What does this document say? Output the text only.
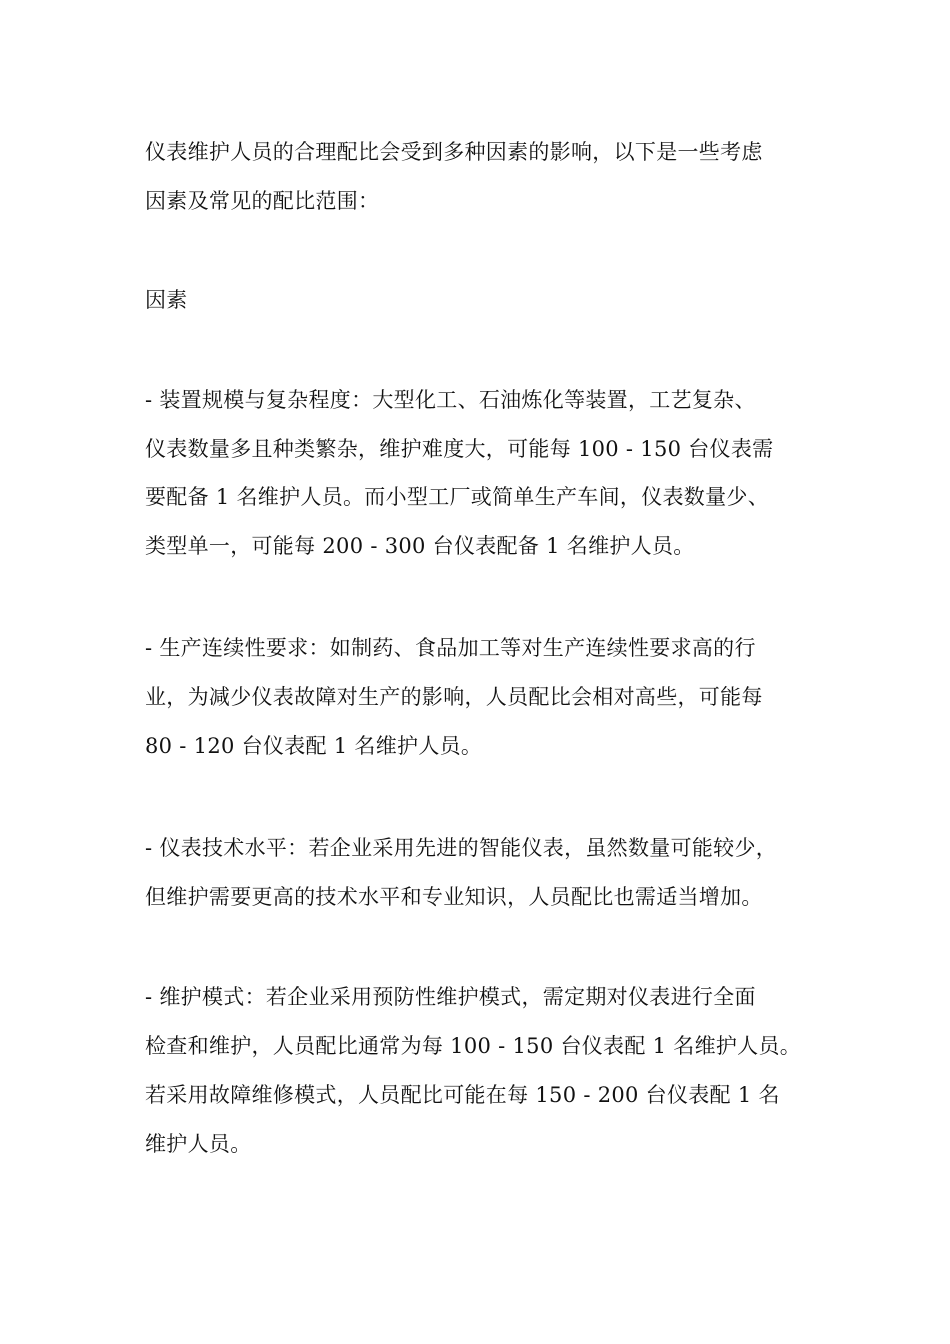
仪表维护人员的合理配比会受到多种因素的影响，以下是一些考虑
因素及常见的配比范围：
因素
- 装置规模与复杂程度：大型化工、石油炼化等装置，工艺复杂、
仪表数量多且种类繁杂，维护难度大，可能每 100 - 150 台仪表需
要配备 1 名维护人员。而小型工厂或简单生产车间，仪表数量少、
类型单一，可能每 200 - 300 台仪表配备 1 名维护人员。
- 生产连续性要求：如制药、食品加工等对生产连续性要求高的行
业，为减少仪表故障对生产的影响，人员配比会相对高些，可能每
80 - 120 台仪表配 1 名维护人员。
- 仪表技术水平：若企业采用先进的智能仪表，虽然数量可能较少，
但维护需要更高的技术水平和专业知识，人员配比也需适当增加。
- 维护模式：若企业采用预防性维护模式，需定期对仪表进行全面
检查和维护，人员配比通常为每 100 - 150 台仪表配 1 名维护人员。
若采用故障维修模式，人员配比可能在每 150 - 200 台仪表配 1 名
维护人员。
